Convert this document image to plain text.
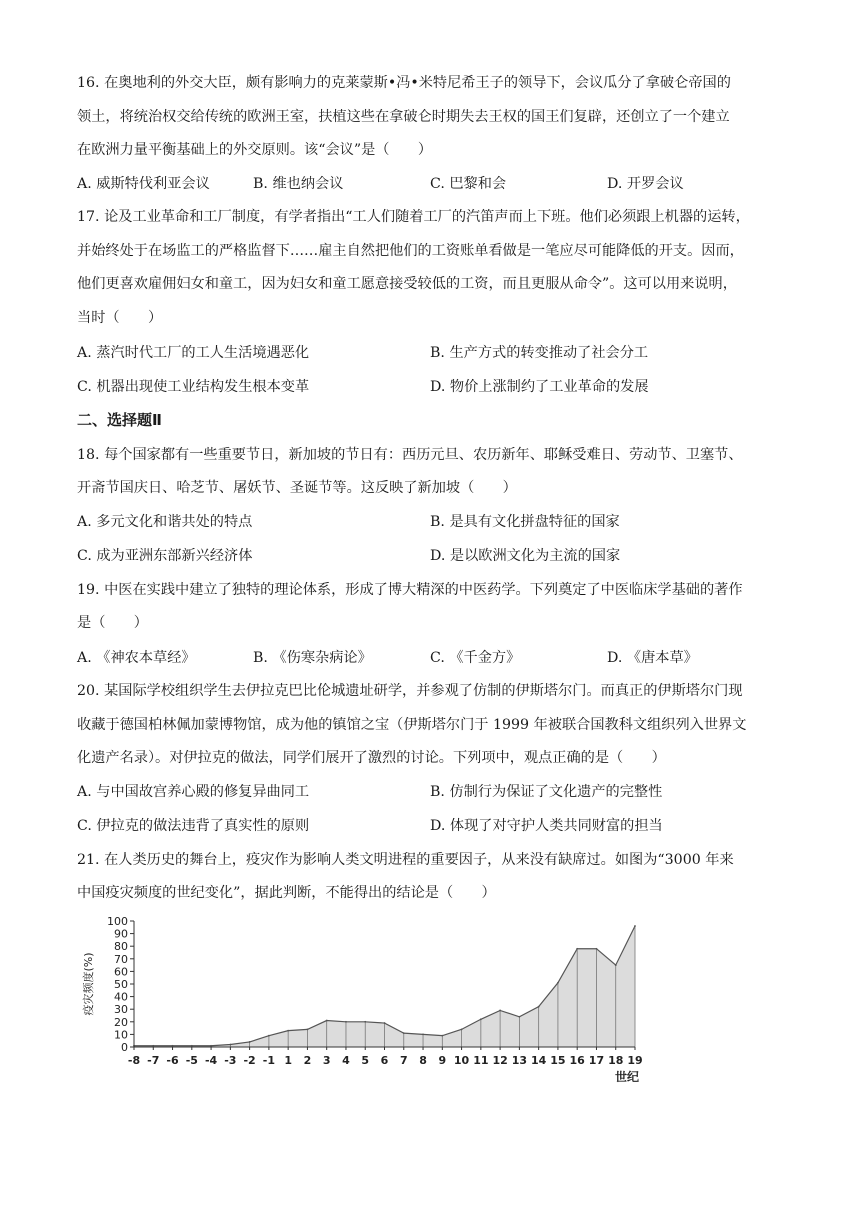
16. 在奥地利的外交大臣，颇有影响力的克莱蒙斯•冯•米特尼希王子的领导下，会议瓜分了拿破仑帝国的
领土，将统治权交给传统的欧洲王室，扶植这些在拿破仑时期失去王权的国王们复辟，还创立了一个建立
在欧洲力量平衡基础上的外交原则。该“会议”是（　　）
A. 威斯特伐利亚会议	B. 维也纳会议	C. 巴黎和会	D. 开罗会议
17. 论及工业革命和工厂制度，有学者指出“工人们随着工厂的汽笛声而上下班。他们必须跟上机器的运转，
并始终处于在场监工的严格监督下……雇主自然把他们的工资账单看做是一笔应尽可能降低的开支。因而，
他们更喜欢雇佣妇女和童工，因为妇女和童工愿意接受较低的工资，而且更服从命令”。这可以用来说明，
当时（　　）
A. 蒸汽时代工厂的工人生活境遇恶化	B. 生产方式的转变推动了社会分工
C. 机器出现使工业结构发生根本变革	D. 物价上涨制约了工业革命的发展
二、选择题Ⅱ
18. 每个国家都有一些重要节日，新加坡的节日有：西历元旦、农历新年、耶稣受难日、劳动节、卫塞节、
开斋节国庆日、哈芝节、屠妖节、圣诞节等。这反映了新加坡（　　）
A. 多元文化和谐共处的特点	B. 是具有文化拼盘特征的国家
C. 成为亚洲东部新兴经济体	D. 是以欧洲文化为主流的国家
19. 中医在实践中建立了独特的理论体系，形成了博大精深的中医药学。下列奠定了中医临床学基础的著作
是（　　）
A. 《神农本草经》	B. 《伤寒杂病论》	C. 《千金方》	D. 《唐本草》
20. 某国际学校组织学生去伊拉克巴比伦城遗址研学，并参观了仿制的伊斯塔尔门。而真正的伊斯塔尔门现
收藏于德国柏林佩加蒙博物馆，成为他的镇馆之宝（伊斯塔尔门于 1999 年被联合国教科文组织列入世界文
化遗产名录）。对伊拉克的做法，同学们展开了激烈的讨论。下列项中，观点正确的是（　　）
A. 与中国故宫养心殿的修复异曲同工	B. 仿制行为保证了文化遗产的完整性
C. 伊拉克的做法违背了真实性的原则	D. 体现了对守护人类共同财富的担当
21. 在人类历史的舞台上，疫灾作为影响人类文明进程的重要因子，从来没有缺席过。如图为“3000 年来
中国疫灾频度的世纪变化”，据此判断，不能得出的结论是（　　）
0
10
20
30
40
50
60
70
80
90
100
-8 -7 -6 -5 -4 -3 -2 -1 1 2 3 4 5 6 7 8 9 10 11 12 13 14 15 16 17 18 19
世纪
疫灾频度(%)
